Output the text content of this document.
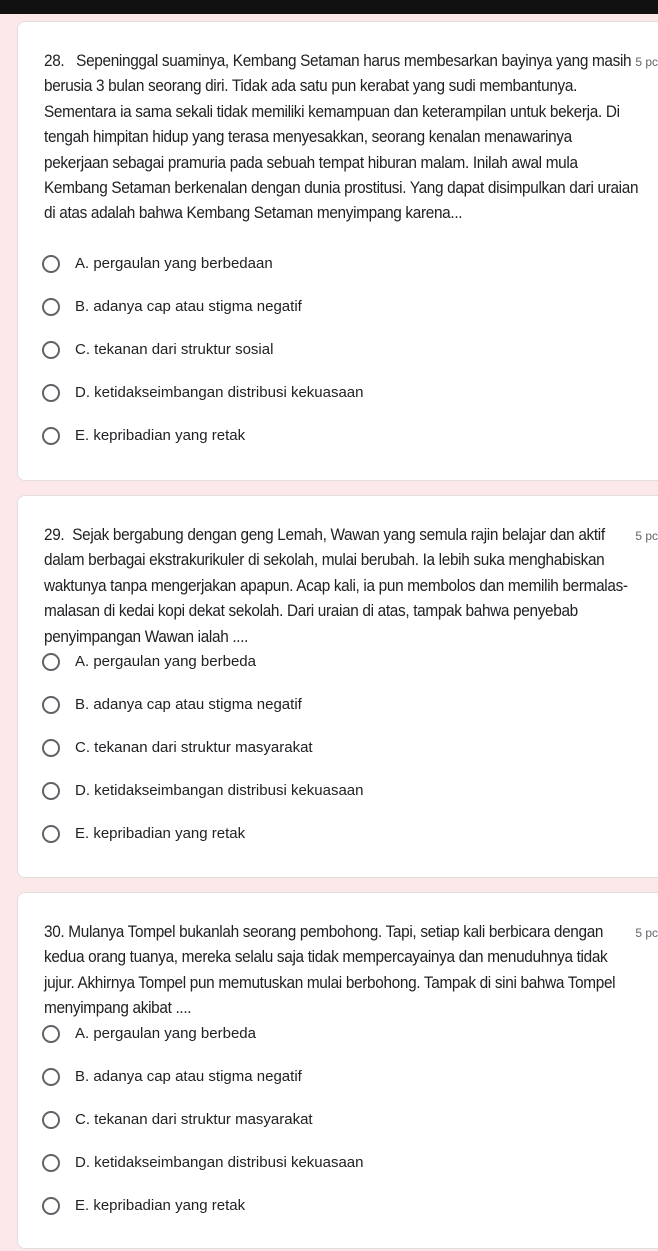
28. Sepeninggal suaminya, Kembang Setaman harus membesarkan bayinya yang masih berusia 3 bulan seorang diri. Tidak ada satu pun kerabat yang sudi membantunya. Sementara ia sama sekali tidak memiliki kemampuan dan keterampilan untuk bekerja. Di tengah himpitan hidup yang terasa menyesakkan, seorang kenalan menawarinya pekerjaan sebagai pramuria pada sebuah tempat hiburan malam. Inilah awal mula Kembang Setaman berkenalan dengan dunia prostitusi. Yang dapat disimpulkan dari uraian di atas adalah bahwa Kembang Setaman menyimpang karena...
5 pc
A. pergaulan yang berbedaan
B. adanya cap atau stigma negatif
C. tekanan dari struktur sosial
D. ketidakseimbangan distribusi kekuasaan
E. kepribadian yang retak
29. Sejak bergabung dengan geng Lemah, Wawan yang semula rajin belajar dan aktif dalam berbagai ekstrakurikuler di sekolah, mulai berubah. Ia lebih suka menghabiskan waktunya tanpa mengerjakan apapun. Acap kali, ia pun membolos dan memilih bermalas-malasan di kedai kopi dekat sekolah. Dari uraian di atas, tampak bahwa penyebab penyimpangan Wawan ialah ....
5 pc
A. pergaulan yang berbeda
B. adanya cap atau stigma negatif
C. tekanan dari struktur masyarakat
D. ketidakseimbangan distribusi kekuasaan
E. kepribadian yang retak
30. Mulanya Tompel bukanlah seorang pembohong. Tapi, setiap kali berbicara dengan kedua orang tuanya, mereka selalu saja tidak mempercayainya dan menuduhnya tidak jujur. Akhirnya Tompel pun memutuskan mulai berbohong. Tampak di sini bahwa Tompel menyimpang akibat ....
5 pc
A. pergaulan yang berbeda
B. adanya cap atau stigma negatif
C. tekanan dari struktur masyarakat
D. ketidakseimbangan distribusi kekuasaan
E. kepribadian yang retak
